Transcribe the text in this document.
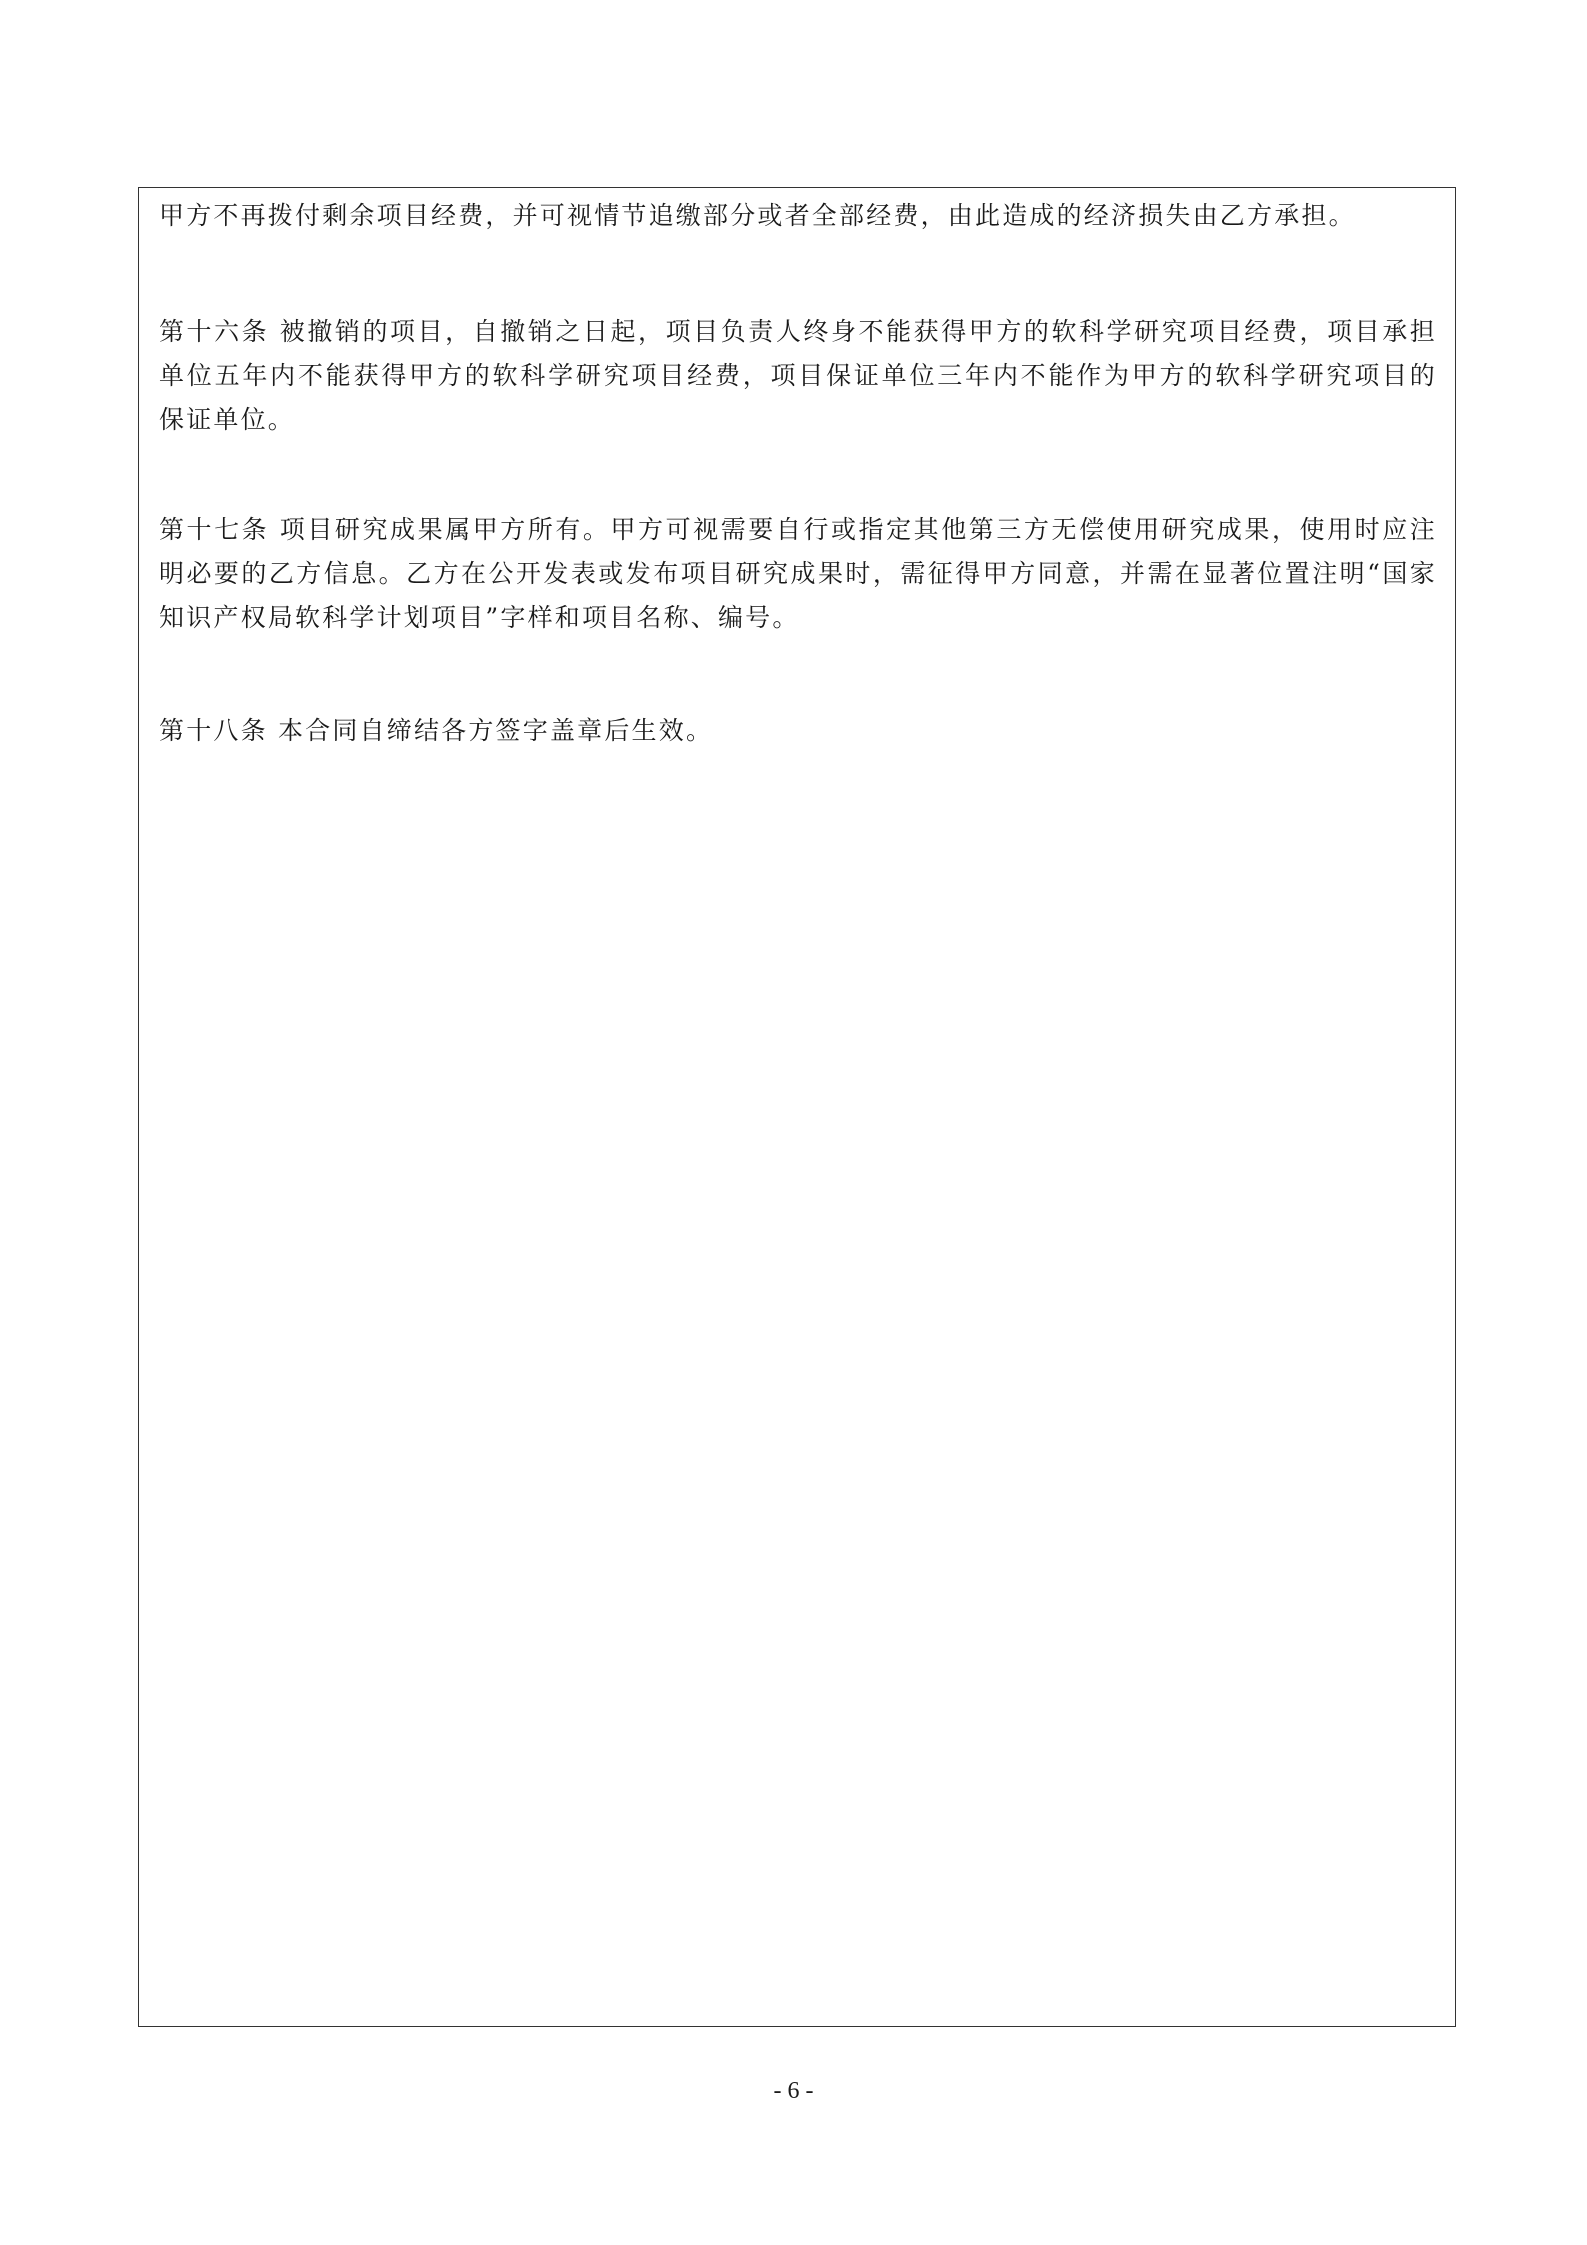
甲方不再拨付剩余项目经费，并可视情节追缴部分或者全部经费，由此造成的经济损失由乙方承担。

第十六条 被撤销的项目，自撤销之日起，项目负责人终身不能获得甲方的软科学研究项目经费，项目承担单位五年内不能获得甲方的软科学研究项目经费，项目保证单位三年内不能作为甲方的软科学研究项目的保证单位。

第十七条 项目研究成果属甲方所有。甲方可视需要自行或指定其他第三方无偿使用研究成果，使用时应注明必要的乙方信息。乙方在公开发表或发布项目研究成果时，需征得甲方同意，并需在显著位置注明“国家知识产权局软科学计划项目”字样和项目名称、编号。

第十八条 本合同自缔结各方签字盖章后生效。

- 6 -
